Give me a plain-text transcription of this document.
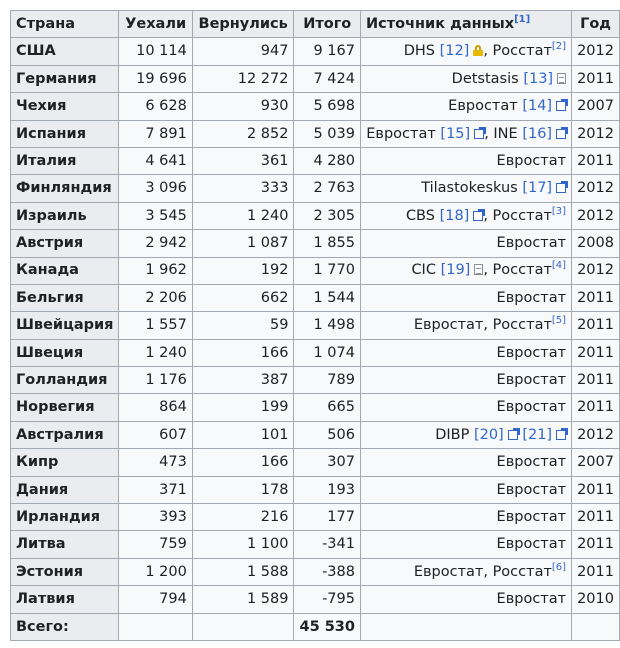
Страна	Уехали	Вернулись	Итого	Источник данных[1]	Год
США	10 114	947	9 167	DHS [12] , Росстат[2]	2012
Германия	19 696	12 272	7 424	Detstasis [13]	2011
Чехия	6 628	930	5 698	Евростат [14]	2007
Испания	7 891	2 852	5 039	Евростат [15] , INE [16]	2012
Италия	4 641	361	4 280	Евростат	2011
Финляндия	3 096	333	2 763	Tilastokeskus [17]	2012
Израиль	3 545	1 240	2 305	CBS [18] , Росстат[3]	2012
Австрия	2 942	1 087	1 855	Евростат	2008
Канада	1 962	192	1 770	CIC [19] , Росстат[4]	2012
Бельгия	2 206	662	1 544	Евростат	2011
Швейцария	1 557	59	1 498	Евростат, Росстат[5]	2011
Швеция	1 240	166	1 074	Евростат	2011
Голландия	1 176	387	789	Евростат	2011
Норвегия	864	199	665	Евростат	2011
Австралия	607	101	506	DIBP [20] [21]	2012
Кипр	473	166	307	Евростат	2007
Дания	371	178	193	Евростат	2011
Ирландия	393	216	177	Евростат	2011
Литва	759	1 100	-341	Евростат	2011
Эстония	1 200	1 588	-388	Евростат, Росстат[6]	2011
Латвия	794	1 589	-795	Евростат	2010
Всего:			45 530		
